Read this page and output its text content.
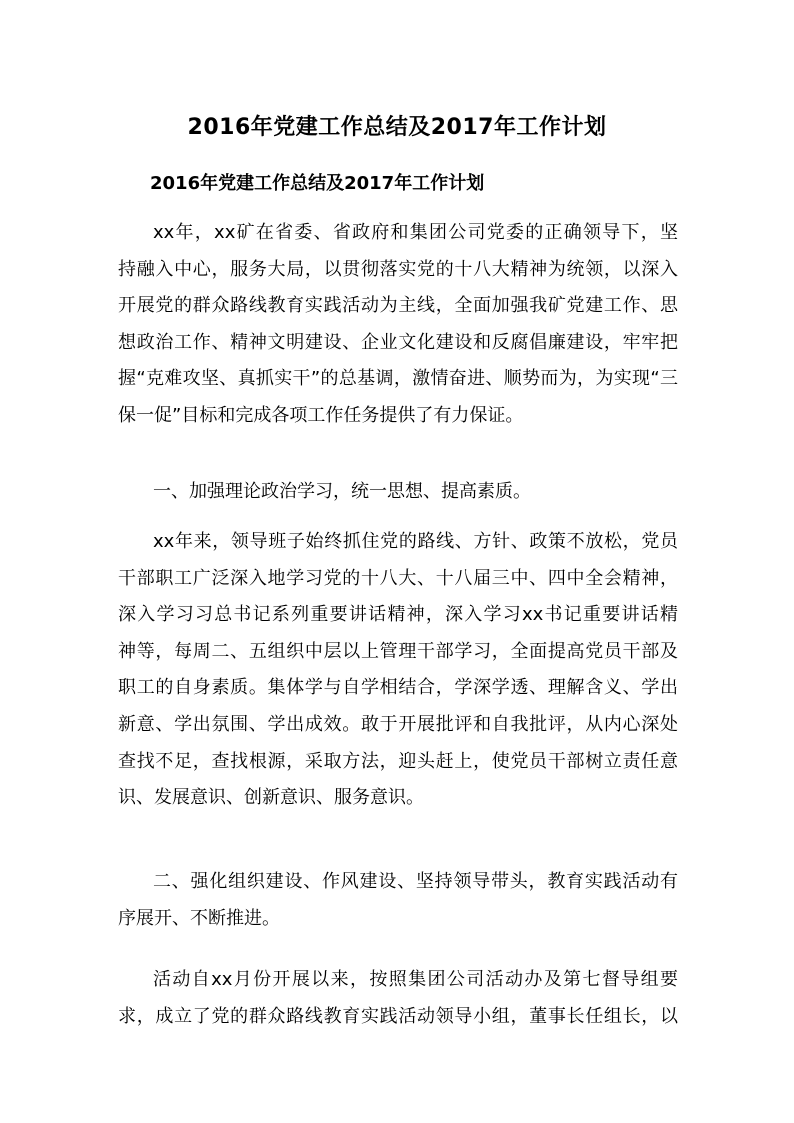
2016年党建工作总结及2017年工作计划
2016年党建工作总结及2017年工作计划
xx年，xx矿在省委、省政府和集团公司党委的正确领导下，坚
持融入中心，服务大局，以贯彻落实党的十八大精神为统领，以深入
开展党的群众路线教育实践活动为主线，全面加强我矿党建工作、思
想政治工作、精神文明建设、企业文化建设和反腐倡廉建设，牢牢把
握“克难攻坚、真抓实干”的总基调，激情奋进、顺势而为，为实现“三
保一促”目标和完成各项工作任务提供了有力保证。
一、加强理论政治学习，统一思想、提高素质。
xx年来，领导班子始终抓住党的路线、方针、政策不放松，党员
干部职工广泛深入地学习党的十八大、十八届三中、四中全会精神，
深入学习习总书记系列重要讲话精神，深入学习xx书记重要讲话精
神等，每周二、五组织中层以上管理干部学习，全面提高党员干部及
职工的自身素质。集体学与自学相结合，学深学透、理解含义、学出
新意、学出氛围、学出成效。敢于开展批评和自我批评，从内心深处
查找不足，查找根源，采取方法，迎头赶上，使党员干部树立责任意
识、发展意识、创新意识、服务意识。
二、强化组织建设、作风建设、坚持领导带头，教育实践活动有
序展开、不断推进。
活动自xx月份开展以来，按照集团公司活动办及第七督导组要
求，成立了党的群众路线教育实践活动领导小组，董事长任组长，以
